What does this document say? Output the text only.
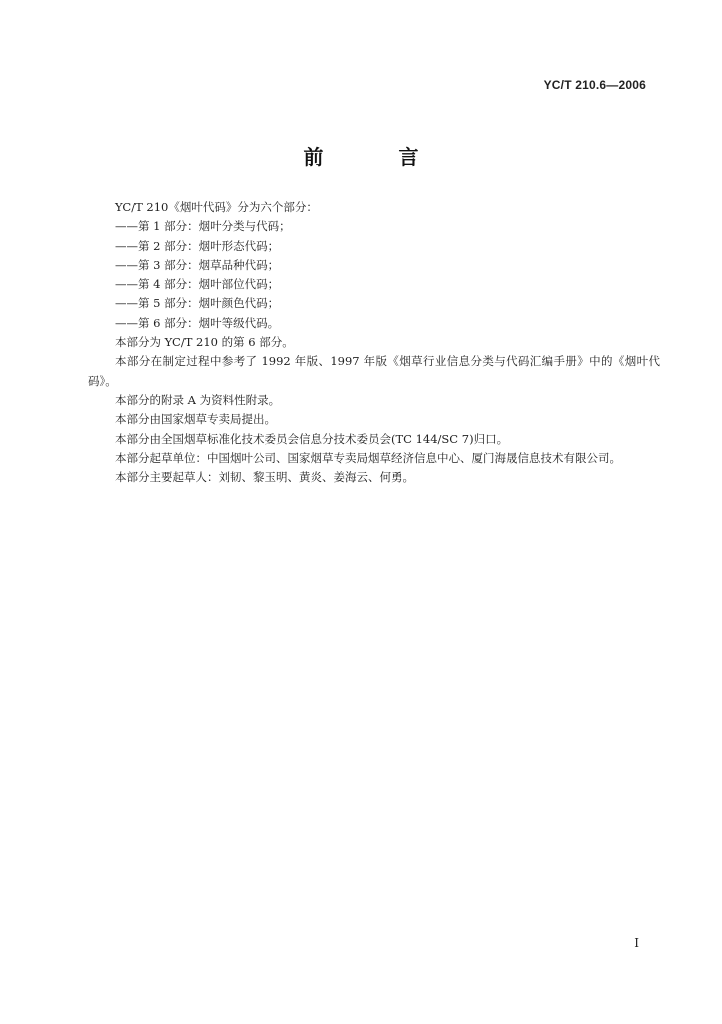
YC/T 210.6—2006
前 言
YC/T 210《烟叶代码》分为六个部分：
——第 1 部分：烟叶分类与代码；
——第 2 部分：烟叶形态代码；
——第 3 部分：烟草品种代码；
——第 4 部分：烟叶部位代码；
——第 5 部分：烟叶颜色代码；
——第 6 部分：烟叶等级代码。
本部分为 YC/T 210 的第 6 部分。
本部分在制定过程中参考了 1992 年版、1997 年版《烟草行业信息分类与代码汇编手册》中的《烟叶代码》。
本部分的附录 A 为资料性附录。
本部分由国家烟草专卖局提出。
本部分由全国烟草标准化技术委员会信息分技术委员会(TC 144/SC 7)归口。
本部分起草单位：中国烟叶公司、国家烟草专卖局烟草经济信息中心、厦门海晟信息技术有限公司。
本部分主要起草人：刘韧、黎玉明、黄炎、姜海云、何勇。
I
